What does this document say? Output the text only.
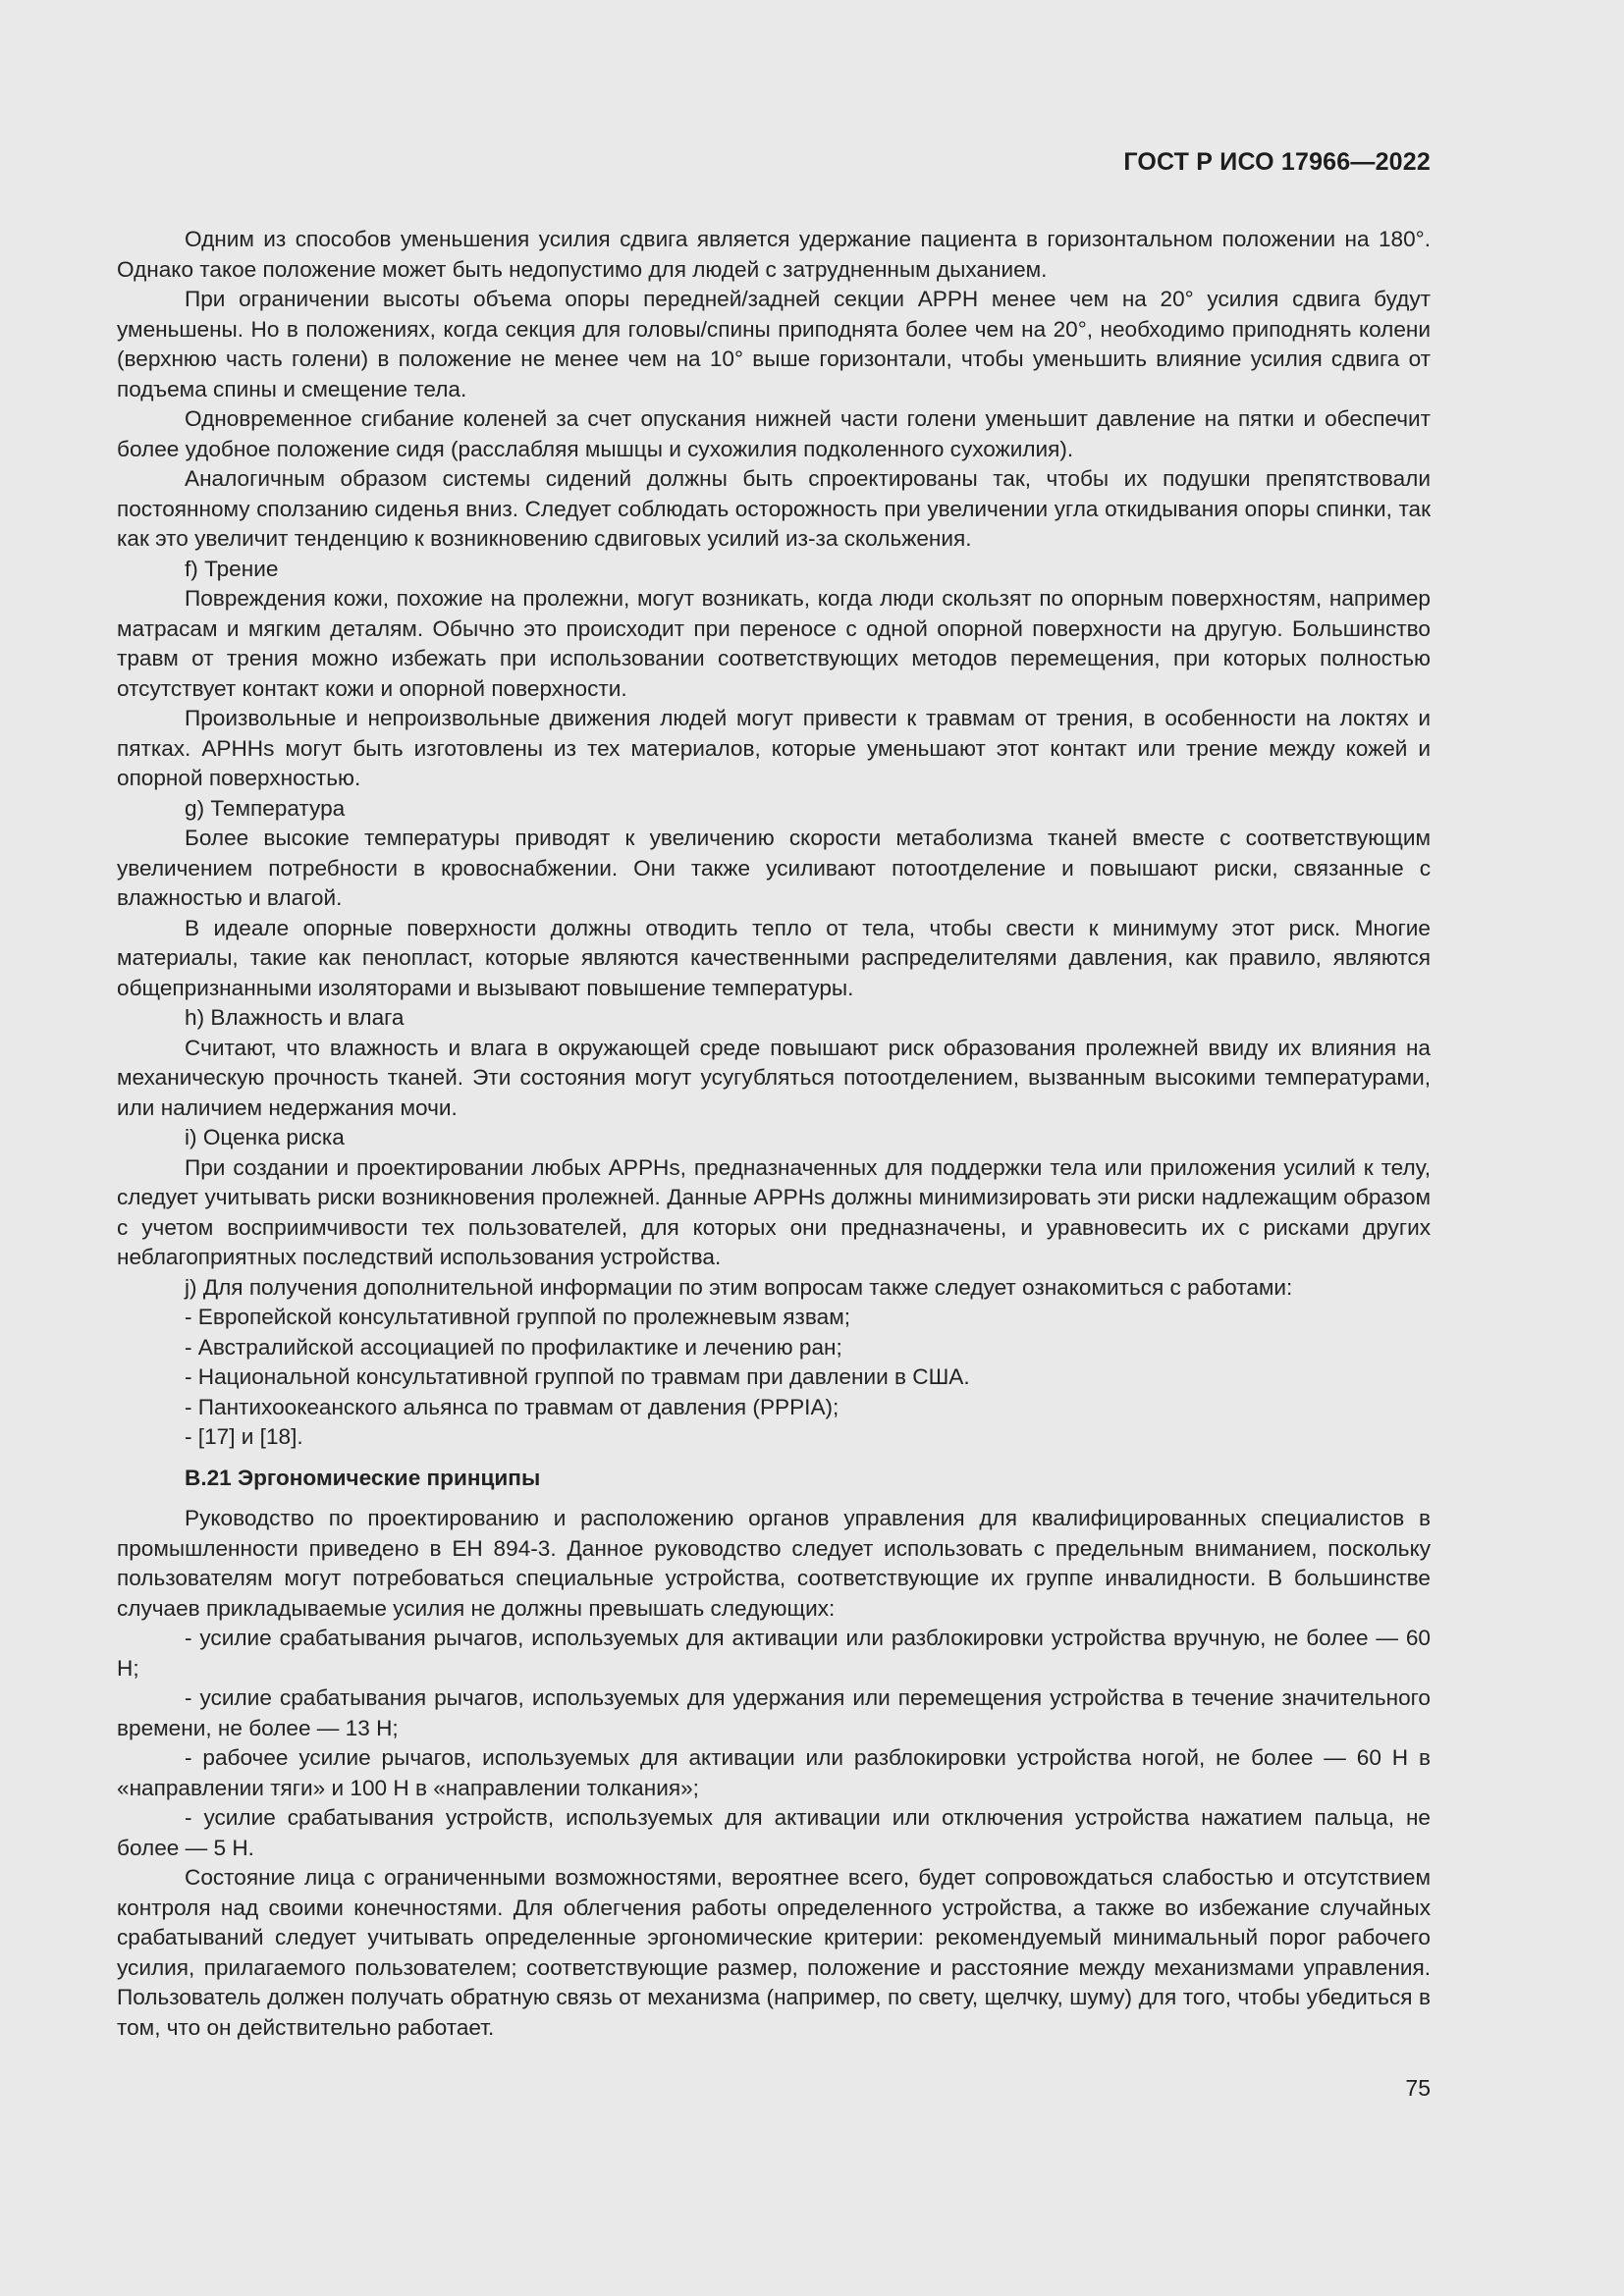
ГОСТ Р ИСО 17966—2022

Одним из способов уменьшения усилия сдвига является удержание пациента в горизонтальном положении на 180°. Однако такое положение может быть недопустимо для людей с затрудненным дыханием.

При ограничении высоты объема опоры передней/задней секции АРРН менее чем на 20° усилия сдвига будут уменьшены. Но в положениях, когда секция для головы/спины приподнята более чем на 20°, необходимо приподнять колени (верхнюю часть голени) в положение не менее чем на 10° выше горизонтали, чтобы уменьшить влияние усилия сдвига от подъема спины и смещение тела.

Одновременное сгибание коленей за счет опускания нижней части голени уменьшит давление на пятки и обеспечит более удобное положение сидя (расслабляя мышцы и сухожилия подколенного сухожилия).

Аналогичным образом системы сидений должны быть спроектированы так, чтобы их подушки препятствовали постоянному сползанию сиденья вниз. Следует соблюдать осторожность при увеличении угла откидывания опоры спинки, так как это увеличит тенденцию к возникновению сдвиговых усилий из-за скольжения.

f) Трение

Повреждения кожи, похожие на пролежни, могут возникать, когда люди скользят по опорным поверхностям, например матрасам и мягким деталям. Обычно это происходит при переносе с одной опорной поверхности на другую. Большинство травм от трения можно избежать при использовании соответствующих методов перемещения, при которых полностью отсутствует контакт кожи и опорной поверхности.

Произвольные и непроизвольные движения людей могут привести к травмам от трения, в особенности на локтях и пятках. АРННs могут быть изготовлены из тех материалов, которые уменьшают этот контакт или трение между кожей и опорной поверхностью.

g) Температура

Более высокие температуры приводят к увеличению скорости метаболизма тканей вместе с соответствующим увеличением потребности в кровоснабжении. Они также усиливают потоотделение и повышают риски, связанные с влажностью и влагой.

В идеале опорные поверхности должны отводить тепло от тела, чтобы свести к минимуму этот риск. Многие материалы, такие как пенопласт, которые являются качественными распределителями давления, как правило, являются общепризнанными изоляторами и вызывают повышение температуры.

h) Влажность и влага

Считают, что влажность и влага в окружающей среде повышают риск образования пролежней ввиду их влияния на механическую прочность тканей. Эти состояния могут усугубляться потоотделением, вызванным высокими температурами, или наличием недержания мочи.

i) Оценка риска

При создании и проектировании любых АРРНs, предназначенных для поддержки тела или приложения усилий к телу, следует учитывать риски возникновения пролежней. Данные АРРНs должны минимизировать эти риски надлежащим образом с учетом восприимчивости тех пользователей, для которых они предназначены, и уравновесить их с рисками других неблагоприятных последствий использования устройства.

j) Для получения дополнительной информации по этим вопросам также следует ознакомиться с работами:

- Европейской консультативной группой по пролежневым язвам;

- Австралийской ассоциацией по профилактике и лечению ран;

- Национальной консультативной группой по травмам при давлении в США.

- Пантихоокеанского альянса по травмам от давления (PPPIA);

- [17] и [18].

В.21 Эргономические принципы

Руководство по проектированию и расположению органов управления для квалифицированных специалистов в промышленности приведено в ЕН 894-3. Данное руководство следует использовать с предельным вниманием, поскольку пользователям могут потребоваться специальные устройства, соответствующие их группе инвалидности. В большинстве случаев прикладываемые усилия не должны превышать следующих:

- усилие срабатывания рычагов, используемых для активации или разблокировки устройства вручную, не более — 60 Н;

- усилие срабатывания рычагов, используемых для удержания или перемещения устройства в течение значительного времени, не более — 13 Н;

- рабочее усилие рычагов, используемых для активации или разблокировки устройства ногой, не более — 60 Н в «направлении тяги» и 100 Н в «направлении толкания»;

- усилие срабатывания устройств, используемых для активации или отключения устройства нажатием пальца, не более — 5 Н.

Состояние лица с ограниченными возможностями, вероятнее всего, будет сопровождаться слабостью и отсутствием контроля над своими конечностями. Для облегчения работы определенного устройства, а также во избежание случайных срабатываний следует учитывать определенные эргономические критерии: рекомендуемый минимальный порог рабочего усилия, прилагаемого пользователем; соответствующие размер, положение и расстояние между механизмами управления. Пользователь должен получать обратную связь от механизма (например, по свету, щелчку, шуму) для того, чтобы убедиться в том, что он действительно работает.

75
